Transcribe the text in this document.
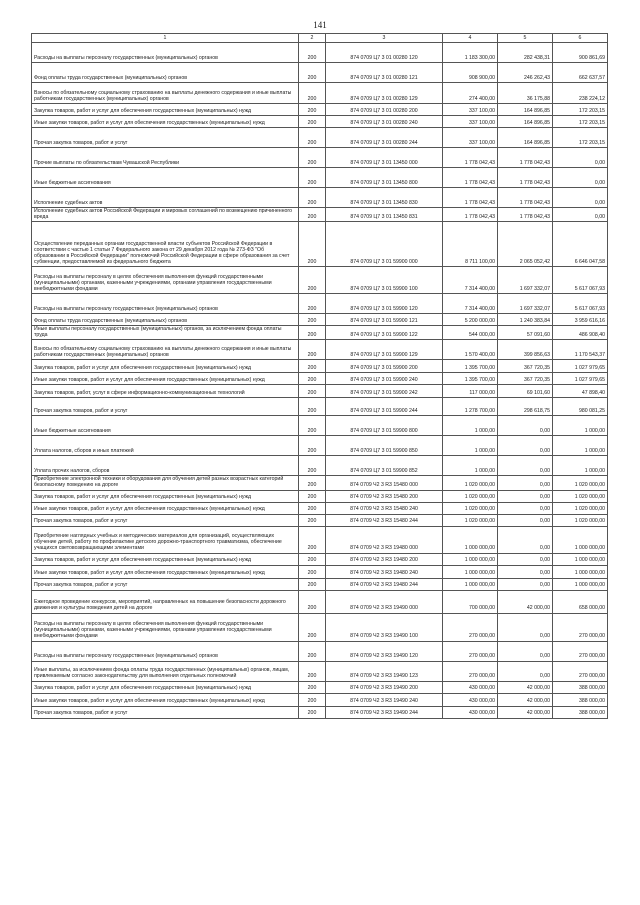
141
1	2	3	4	5	6
Расходы на выплаты персоналу государственных (муниципальных) органов	200	874 0709 Ц7 3 01 00280 120	1 183 300,00	282 438,31	900 861,69
Фонд оплаты труда государственных (муниципальных) органов	200	874 0709 Ц7 3 01 00280 121	908 900,00	246 262,43	662 637,57
Взносы по обязательному социальному страхованию на выплаты денежного содержания и иные выплаты работникам государственных (муниципальных) органов	200	874 0709 Ц7 3 01 00280 129	274 400,00	36 175,88	238 224,12
Закупка товаров, работ и услуг для обеспечения государственных (муниципальных) нужд	200	874 0709 Ц7 3 01 00280 200	337 100,00	164 896,85	172 203,15
Иные закупки товаров, работ и услуг для обеспечения государственных (муниципальных) нужд	200	874 0709 Ц7 3 01 00280 240	337 100,00	164 896,85	172 203,15
Прочая закупка товаров, работ и услуг	200	874 0709 Ц7 3 01 00280 244	337 100,00	164 896,85	172 203,15
Прочие выплаты по обязательствам Чувашской Республики	200	874 0709 Ц7 3 01 13450 000	1 778 042,43	1 778 042,43	0,00
Иные бюджетные ассигнования	200	874 0709 Ц7 3 01 13450 800	1 778 042,43	1 778 042,43	0,00
Исполнение судебных актов	200	874 0709 Ц7 3 01 13450 830	1 778 042,43	1 778 042,43	0,00
Исполнение судебных актов Российской Федерации и мировых соглашений по возмещению причиненного вреда	200	874 0709 Ц7 3 01 13450 831	1 778 042,43	1 778 042,43	0,00
Осуществление переданных органам государственной власти субъектов Российской Федерации в соответствии с частью 1 статьи 7 Федерального закона от 29 декабря 2012 года № 273-ФЗ "Об образовании в Российской Федерации" полномочий Российской Федерации в сфере образования за счет субвенции, предоставляемой из федерального бюджета	200	874 0709 Ц7 3 01 59900 000	8 711 100,00	2 065 052,42	6 646 047,58
Расходы на выплаты персоналу в целях обеспечения выполнения функций государственными (муниципальными) органами, казенными учреждениями, органами управления государственными внебюджетными фондами	200	874 0709 Ц7 3 01 59900 100	7 314 400,00	1 697 332,07	5 617 067,93
Расходы на выплаты персоналу государственных (муниципальных) органов	200	874 0709 Ц7 3 01 59900 120	7 314 400,00	1 697 332,07	5 617 067,93
Фонд оплаты труда государственных (муниципальных) органов	200	874 0709 Ц7 3 01 59900 121	5 200 000,00	1 240 383,84	3 959 616,16
Иные выплаты персоналу государственных (муниципальных) органов, за исключением фонда оплаты труда	200	874 0709 Ц7 3 01 59900 122	544 000,00	57 091,60	486 908,40
Взносы по обязательному социальному страхованию на выплаты денежного содержания и иные выплаты работникам государственных (муниципальных) органов	200	874 0709 Ц7 3 01 59900 129	1 570 400,00	399 856,63	1 170 543,37
Закупка товаров, работ и услуг для обеспечения государственных (муниципальных) нужд	200	874 0709 Ц7 3 01 59900 200	1 395 700,00	367 720,35	1 027 979,65
Иные закупки товаров, работ и услуг для обеспечения государственных (муниципальных) нужд	200	874 0709 Ц7 3 01 59900 240	1 395 700,00	367 720,35	1 027 979,65
Закупка товаров, работ, услуг в сфере информационно-коммуникационных технологий	200	874 0709 Ц7 3 01 59900 242	117 000,00	69 101,60	47 898,40
Прочая закупка товаров, работ и услуг	200	874 0709 Ц7 3 01 59900 244	1 278 700,00	298 618,75	980 081,25
Иные бюджетные ассигнования	200	874 0709 Ц7 3 01 59900 800	1 000,00	0,00	1 000,00
Уплата налогов, сборов и иных платежей	200	874 0709 Ц7 3 01 59900 850	1 000,00	0,00	1 000,00
Уплата прочих налогов, сборов	200	874 0709 Ц7 3 01 59900 852	1 000,00	0,00	1 000,00
Приобретение электронной техники и оборудования для обучения детей разных возрастных категорий безопасному поведению на дороге	200	874 0709 Ч2 3 R3 15480 000	1 020 000,00	0,00	1 020 000,00
Закупка товаров, работ и услуг для обеспечения государственных (муниципальных) нужд	200	874 0709 Ч2 3 R3 15480 200	1 020 000,00	0,00	1 020 000,00
Иные закупки товаров, работ и услуг для обеспечения государственных (муниципальных) нужд	200	874 0709 Ч2 3 R3 15480 240	1 020 000,00	0,00	1 020 000,00
Прочая закупка товаров, работ и услуг	200	874 0709 Ч2 3 R3 15480 244	1 020 000,00	0,00	1 020 000,00
Приобретение наглядных учебных и методических материалов для организаций, осуществляющих обучение детей, работу по профилактике детского дорожно-транспортного травматизма, обеспечение учащихся световозвращающими элементами	200	874 0709 Ч2 3 R3 19480 000	1 000 000,00	0,00	1 000 000,00
Закупка товаров, работ и услуг для обеспечения государственных (муниципальных) нужд	200	874 0709 Ч2 3 R3 19480 200	1 000 000,00	0,00	1 000 000,00
Иные закупки товаров, работ и услуг для обеспечения государственных (муниципальных) нужд	200	874 0709 Ч2 3 R3 19480 240	1 000 000,00	0,00	1 000 000,00
Прочая закупка товаров, работ и услуг	200	874 0709 Ч2 3 R3 19480 244	1 000 000,00	0,00	1 000 000,00
Ежегодное проведение конкурсов, мероприятий, направленных на повышение безопасности дорожного движения и культуры поведения детей на дороге	200	874 0709 Ч2 3 R3 19490 000	700 000,00	42 000,00	658 000,00
Расходы на выплаты персоналу в целях обеспечения выполнения функций государственными (муниципальными) органами, казенными учреждениями, органами управления государственными внебюджетными фондами	200	874 0709 Ч2 3 R3 19490 100	270 000,00	0,00	270 000,00
Расходы на выплаты персоналу государственных (муниципальных) органов	200	874 0709 Ч2 3 R3 19490 120	270 000,00	0,00	270 000,00
Иные выплаты, за исключением фонда оплаты труда государственных (муниципальных) органов, лицам, привлекаемым согласно законодательству для выполнения отдельных полномочий	200	874 0709 Ч2 3 R3 19490 123	270 000,00	0,00	270 000,00
Закупка товаров, работ и услуг для обеспечения государственных (муниципальных) нужд	200	874 0709 Ч2 3 R3 19490 200	430 000,00	42 000,00	388 000,00
Иные закупки товаров, работ и услуг для обеспечения государственных (муниципальных) нужд	200	874 0709 Ч2 3 R3 19490 240	430 000,00	42 000,00	388 000,00
Прочая закупка товаров, работ и услуг	200	874 0709 Ч2 3 R3 19490 244	430 000,00	42 000,00	388 000,00
